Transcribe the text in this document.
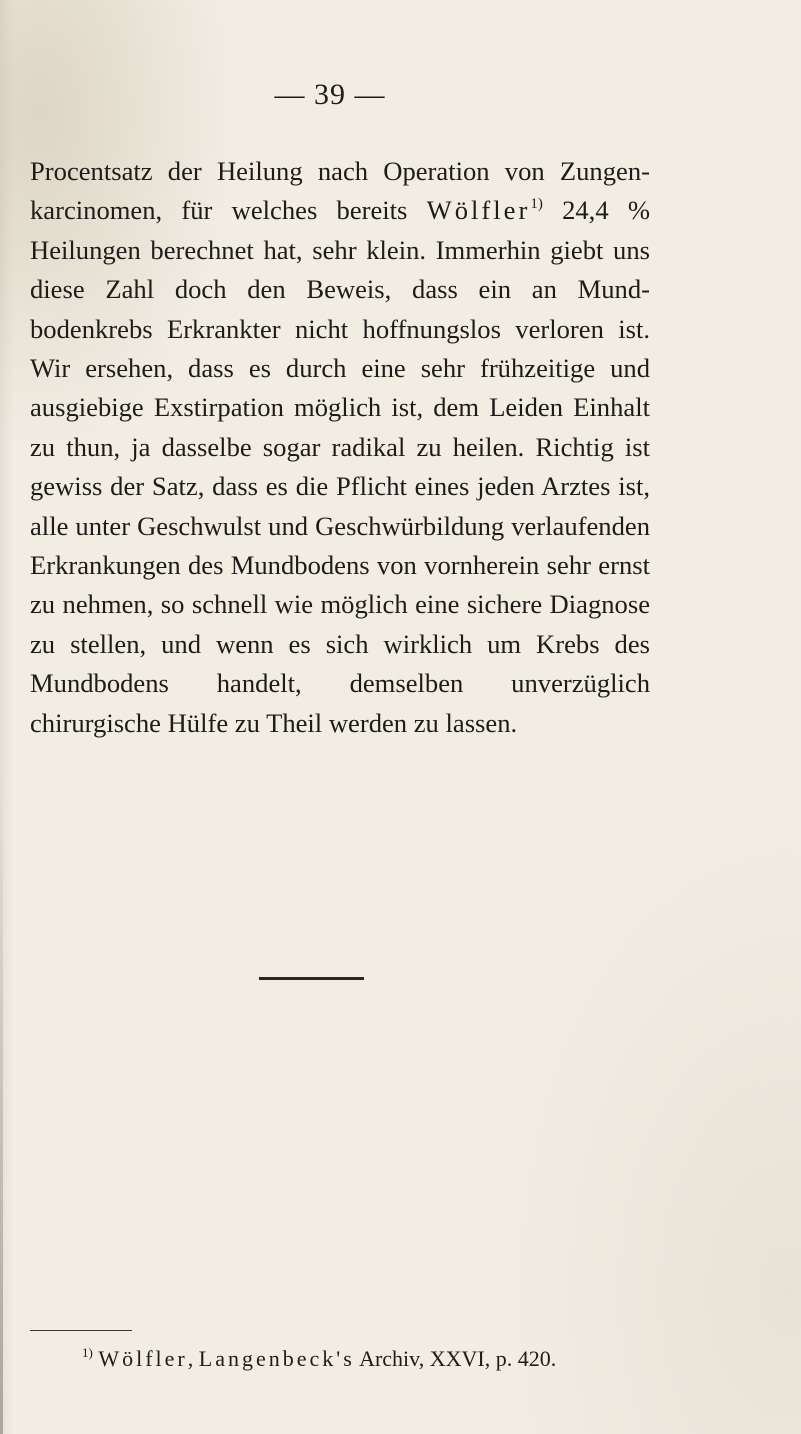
— 39 —

Procentsatz der Heilung nach Operation von Zungenkarcinomen, für welches bereits Wölfler$^{1)}$ 24,4 % Heilungen berechnet hat, sehr klein. Immerhin giebt uns diese Zahl doch den Beweis, dass ein an Mundbodenkrebs Erkrankter nicht hoffnungslos verloren ist. Wir ersehen, dass es durch eine sehr frühzeitige und ausgiebige Exstirpation möglich ist, dem Leiden Einhalt zu thun, ja dasselbe sogar radikal zu heilen. Richtig ist gewiss der Satz, dass es die Pflicht eines jeden Arztes ist, alle unter Geschwulst und Geschwürbildung verlaufenden Erkrankungen des Mundbodens von vornherein sehr ernst zu nehmen, so schnell wie möglich eine sichere Diagnose zu stellen, und wenn es sich wirklich um Krebs des Mundbodens handelt, demselben unverzüglich chirurgische Hülfe zu Theil werden zu lassen.

$^{1)}$ Wölfler, Langenbeck's Archiv, XXVI, p. 420.
